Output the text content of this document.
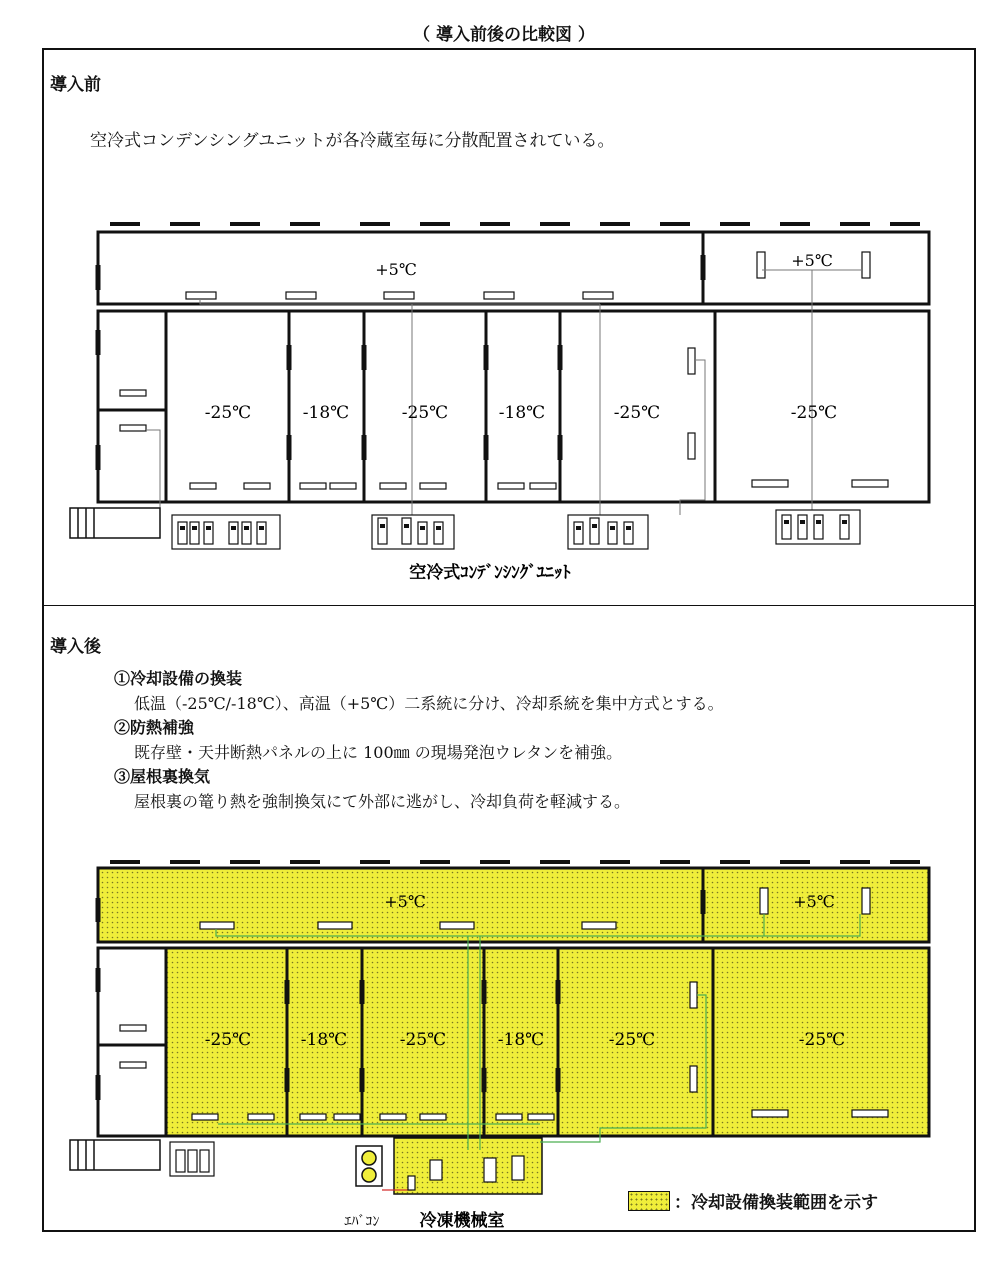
（ 導入前後の比較図 ）
導入前
空冷式コンデンシングユニットが各冷蔵室毎に分散配置されている。
導入後
①冷却設備の換装
低温（-25℃/-18℃）、高温（+5℃）二系統に分け、冷却系統を集中方式とする。
②防熱補強
既存壁・天井断熱パネルの上に 100㎜ の現場発泡ウレタンを補強。
③屋根裏換気
屋根裏の篭り熱を強制換気にて外部に逃がし、冷却負荷を軽減する。
+5℃	+5℃
-25℃	-18℃	-25℃	-18℃	-25℃	-25℃
空冷式ｺﾝﾃﾞﾝｼﾝｸﾞﾕﾆｯﾄ
+5℃	+5℃
-25℃	-18℃	-25℃	-18℃	-25℃	-25℃
ｴﾊﾞｺﾝ 冷凍機械室
：冷却設備換装範囲を示す
